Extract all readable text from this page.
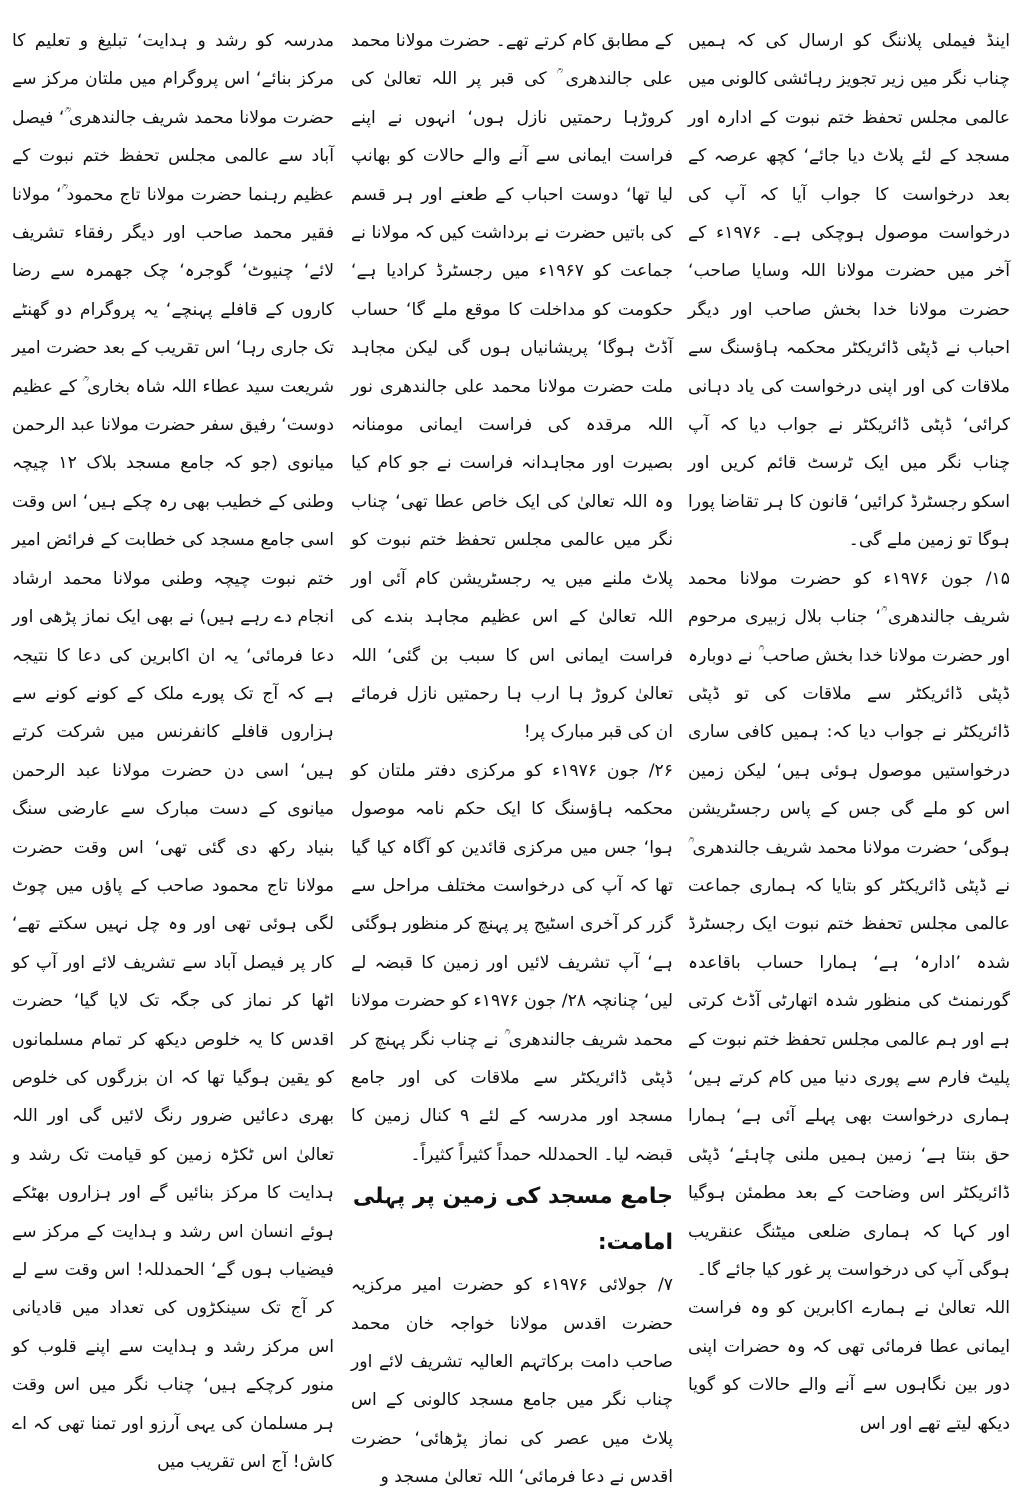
اینڈ فیملی پلاننگ کو ارسال کی کہ ہمیں چناب نگر میں زیر تجویز رہائشی کالونی میں عالمی مجلس تحفظ ختم نبوت کے ادارہ اور مسجد کے لئے پلاٹ دیا جائے‘ کچھ عرصہ کے بعد درخواست کا جواب آیا کہ آپ کی درخواست موصول ہوچکی ہے۔ ۱۹۷۶ء کے آخر میں حضرت مولانا اللہ وسایا صاحب‘ حضرت مولانا خدا بخش صاحب اور دیگر احباب نے ڈپٹی ڈائریکٹر محکمہ ہاؤسنگ سے ملاقات کی اور اپنی درخواست کی یاد دہانی کرائی‘ ڈپٹی ڈائریکٹر نے جواب دیا کہ آپ چناب نگر میں ایک ٹرسٹ قائم کریں اور اسکو رجسٹرڈ کرائیں‘ قانون کا ہر تقاضا پورا ہوگا تو زمین ملے گی۔

۱۵/ جون ۱۹۷۶ء کو حضرت مولانا محمد شریف جالندھری ؒ‘ جناب بلال زبیری مرحوم اور حضرت مولانا خدا بخش صاحب ؒ نے دوبارہ ڈپٹی ڈائریکٹر سے ملاقات کی تو ڈپٹی ڈائریکٹر نے جواب دیا کہ: ہمیں کافی ساری درخواستیں موصول ہوئی ہیں‘ لیکن زمین اس کو ملے گی جس کے پاس رجسٹریشن ہوگی‘ حضرت مولانا محمد شریف جالندھری ؒ نے ڈپٹی ڈائریکٹر کو بتایا کہ ہماری جماعت عالمی مجلس تحفظ ختم نبوت ایک رجسٹرڈ شدہ ’ادارہ‘ ہے‘ ہمارا حساب باقاعدہ گورنمنٹ کی منظور شدہ اتھارٹی آڈٹ کرتی ہے اور ہم عالمی مجلس تحفظ ختم نبوت کے پلیٹ فارم سے پوری دنیا میں کام کرتے ہیں‘ ہماری درخواست بھی پہلے آئی ہے‘ ہمارا حق بنتا ہے‘ زمین ہمیں ملنی چاہئے‘ ڈپٹی ڈائریکٹر اس وضاحت کے بعد مطمئن ہوگیا اور کہا کہ ہماری ضلعی میٹنگ عنقریب ہوگی آپ کی درخواست پر غور کیا جائے گا۔

اللہ تعالیٰ نے ہمارے اکابرین کو وہ فراست ایمانی عطا فرمائی تھی کہ وہ حضرات اپنی دور بین نگاہوں سے آنے والے حالات کو گویا دیکھ لیتے تھے اور اس

کے مطابق کام کرتے تھے۔ حضرت مولانا محمد علی جالندھری ؒ کی قبر پر اللہ تعالیٰ کی کروڑہا رحمتیں نازل ہوں‘ انہوں نے اپنے فراست ایمانی سے آنے والے حالات کو بھانپ لیا تھا‘ دوست احباب کے طعنے اور ہر قسم کی باتیں حضرت نے برداشت کیں کہ مولانا نے جماعت کو ۱۹۶۷ء میں رجسٹرڈ کرادیا ہے‘ حکومت کو مداخلت کا موقع ملے گا‘ حساب آڈٹ ہوگا‘ پریشانیاں ہوں گی لیکن مجاہد ملت حضرت مولانا محمد علی جالندھری نور اللہ مرقدہ کی فراست ایمانی مومنانہ بصیرت اور مجاہدانہ فراست نے جو کام کیا وہ اللہ تعالیٰ کی ایک خاص عطا تھی‘ چناب نگر میں عالمی مجلس تحفظ ختم نبوت کو پلاٹ ملنے میں یہ رجسٹریشن کام آئی اور اللہ تعالیٰ کے اس عظیم مجاہد بندے کی فراست ایمانی اس کا سبب بن گئی‘ اللہ تعالیٰ کروڑ ہا ارب ہا رحمتیں نازل فرمائے ان کی قبر مبارک پر!

۲۶/ جون ۱۹۷۶ء کو مرکزی دفتر ملتان کو محکمہ ہاؤسنگ کا ایک حکم نامہ موصول ہوا‘ جس میں مرکزی قائدین کو آگاہ کیا گیا تھا کہ آپ کی درخواست مختلف مراحل سے گزر کر آخری اسٹیج پر پہنچ کر منظور ہوگئی ہے‘ آپ تشریف لائیں اور زمین کا قبضہ لے لیں‘ چنانچہ ۲۸/ جون ۱۹۷۶ء کو حضرت مولانا محمد شریف جالندھری ؒ نے چناب نگر پہنچ کر ڈپٹی ڈائریکٹر سے ملاقات کی اور جامع مسجد اور مدرسہ کے لئے ۹ کنال زمین کا قبضہ لیا۔ الحمدللہ حمداً کثیراً کثیراً۔

جامع مسجد کی زمین پر پہلی امامت:

۷/ جولائی ۱۹۷۶ء کو حضرت امیر مرکزیہ حضرت اقدس مولانا خواجہ خان محمد صاحب دامت برکاتہم العالیہ تشریف لائے اور چناب نگر میں جامع مسجد کالونی کے اس پلاٹ میں عصر کی نماز پڑھائی‘ حضرت اقدس نے دعا فرمائی‘ اللہ تعالیٰ مسجد و

مدرسہ کو رشد و ہدایت‘ تبلیغ و تعلیم کا مرکز بنائے‘ اس پروگرام میں ملتان مرکز سے حضرت مولانا محمد شریف جالندھری ؒ‘ فیصل آباد سے عالمی مجلس تحفظ ختم نبوت کے عظیم رہنما حضرت مولانا تاج محمود ؒ‘ مولانا فقیر محمد صاحب اور دیگر رفقاء تشریف لائے‘ چنیوٹ‘ گوجرہ‘ چک جھمرہ سے رضا کاروں کے قافلے پہنچے‘ یہ پروگرام دو گھنٹے تک جاری رہا‘ اس تقریب کے بعد حضرت امیر شریعت سید عطاء اللہ شاہ بخاری ؒ کے عظیم دوست‘ رفیق سفر حضرت مولانا عبد الرحمن میانوی (جو کہ جامع مسجد بلاک ۱۲ چیچہ وطنی کے خطیب بھی رہ چکے ہیں‘ اس وقت اسی جامع مسجد کی خطابت کے فرائض امیر ختم نبوت چیچہ وطنی مولانا محمد ارشاد انجام دے رہے ہیں) نے بھی ایک نماز پڑھی اور دعا فرمائی‘ یہ ان اکابرین کی دعا کا نتیجہ ہے کہ آج تک پورے ملک کے کونے کونے سے ہزاروں قافلے کانفرنس میں شرکت کرتے ہیں‘ اسی دن حضرت مولانا عبد الرحمن میانوی کے دست مبارک سے عارضی سنگ بنیاد رکھ دی گئی تھی‘ اس وقت حضرت مولانا تاج محمود صاحب کے پاؤں میں چوٹ لگی ہوئی تھی اور وہ چل نہیں سکتے تھے‘ کار پر فیصل آباد سے تشریف لائے اور آپ کو اٹھا کر نماز کی جگہ تک لایا گیا‘ حضرت اقدس کا یہ خلوص دیکھ کر تمام مسلمانوں کو یقین ہوگیا تھا کہ ان بزرگوں کی خلوص بھری دعائیں ضرور رنگ لائیں گی اور اللہ تعالیٰ اس ٹکڑہ زمین کو قیامت تک رشد و ہدایت کا مرکز بنائیں گے اور ہزاروں بھٹکے ہوئے انسان اس رشد و ہدایت کے مرکز سے فیضیاب ہوں گے‘ الحمدللہ! اس وقت سے لے کر آج تک سینکڑوں کی تعداد میں قادیانی اس مرکز رشد و ہدایت سے اپنے قلوب کو منور کرچکے ہیں‘ چناب نگر میں اس وقت ہر مسلمان کی یہی آرزو اور تمنا تھی کہ اے کاش! آج اس تقریب میں
